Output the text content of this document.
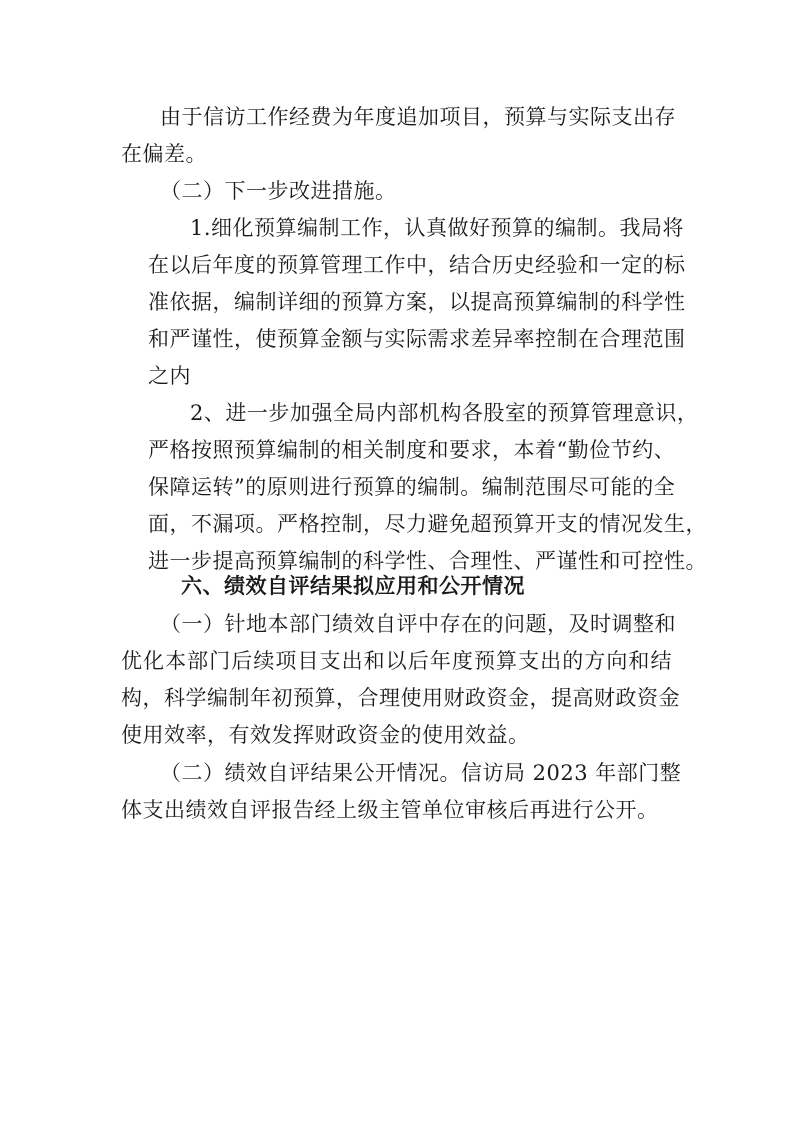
由于信访工作经费为年度追加项目，预算与实际支出存
在偏差。
（二）下一步改进措施。
1.细化预算编制工作，认真做好预算的编制。我局将
在以后年度的预算管理工作中，结合历史经验和一定的标
准依据，编制详细的预算方案，以提高预算编制的科学性
和严谨性，使预算金额与实际需求差异率控制在合理范围
之内
2、进一步加强全局内部机构各股室的预算管理意识，
严格按照预算编制的相关制度和要求，本着“勤俭节约、
保障运转”的原则进行预算的编制。编制范围尽可能的全
面，不漏项。严格控制，尽力避免超预算开支的情况发生，
进一步提高预算编制的科学性、合理性、严谨性和可控性。
六、绩效自评结果拟应用和公开情况
（一）针地本部门绩效自评中存在的问题，及时调整和
优化本部门后续项目支出和以后年度预算支出的方向和结
构，科学编制年初预算，合理使用财政资金，提高财政资金
使用效率，有效发挥财政资金的使用效益。
（二）绩效自评结果公开情况。信访局 2023 年部门整
体支出绩效自评报告经上级主管单位审核后再进行公开。
